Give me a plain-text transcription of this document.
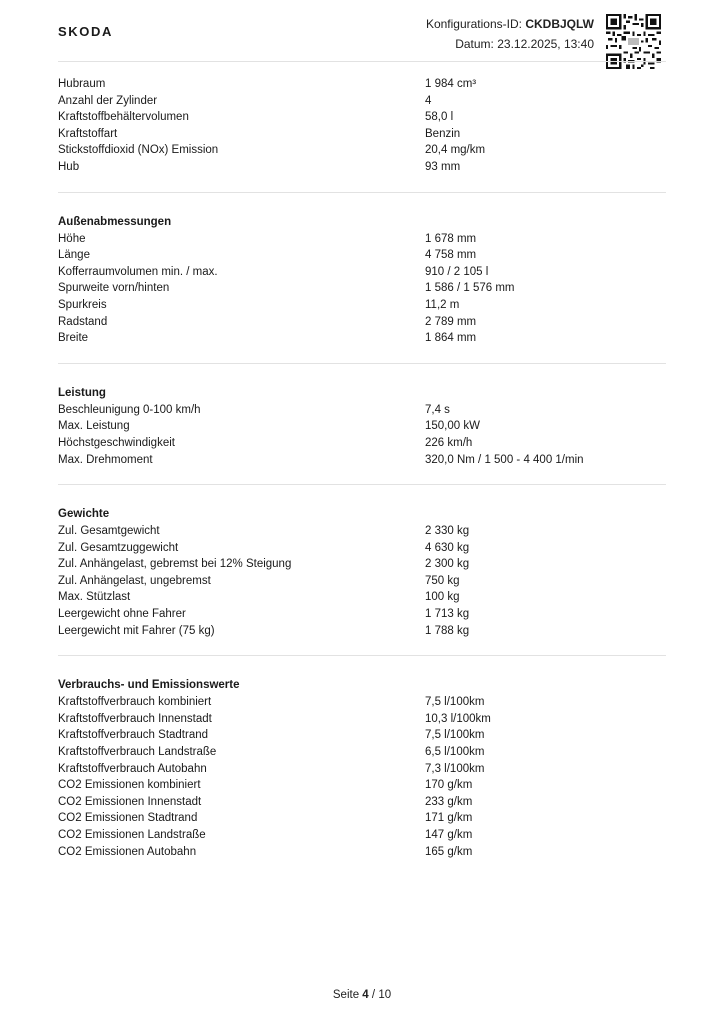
SKODA	Konfigurations-ID: CKDBJQLW
Datum: 23.12.2025, 13:40
Hubraum	1 984 cm³
Anzahl der Zylinder	4
Kraftstoffbehältervolumen	58,0 l
Kraftstoffart	Benzin
Stickstoffdioxid (NOx) Emission	20,4 mg/km
Hub	93 mm
Außenabmessungen
Höhe	1 678 mm
Länge	4 758 mm
Kofferraumvolumen min. / max.	910 / 2 105 l
Spurweite vorn/hinten	1 586 / 1 576 mm
Spurkreis	11,2 m
Radstand	2 789 mm
Breite	1 864 mm
Leistung
Beschleunigung 0-100 km/h	7,4 s
Max. Leistung	150,00 kW
Höchstgeschwindigkeit	226 km/h
Max. Drehmoment	320,0 Nm / 1 500 - 4 400 1/min
Gewichte
Zul. Gesamtgewicht	2 330 kg
Zul. Gesamtzuggewicht	4 630 kg
Zul. Anhängelast, gebremst bei 12% Steigung	2 300 kg
Zul. Anhängelast, ungebremst	750 kg
Max. Stützlast	100 kg
Leergewicht ohne Fahrer	1 713 kg
Leergewicht mit Fahrer (75 kg)	1 788 kg
Verbrauchs- und Emissionswerte
Kraftstoffverbrauch kombiniert	7,5 l/100km
Kraftstoffverbrauch Innenstadt	10,3 l/100km
Kraftstoffverbrauch Stadtrand	7,5 l/100km
Kraftstoffverbrauch Landstraße	6,5 l/100km
Kraftstoffverbrauch Autobahn	7,3 l/100km
CO2 Emissionen kombiniert	170 g/km
CO2 Emissionen Innenstadt	233 g/km
CO2 Emissionen Stadtrand	171 g/km
CO2 Emissionen Landstraße	147 g/km
CO2 Emissionen Autobahn	165 g/km
Seite 4 / 10
